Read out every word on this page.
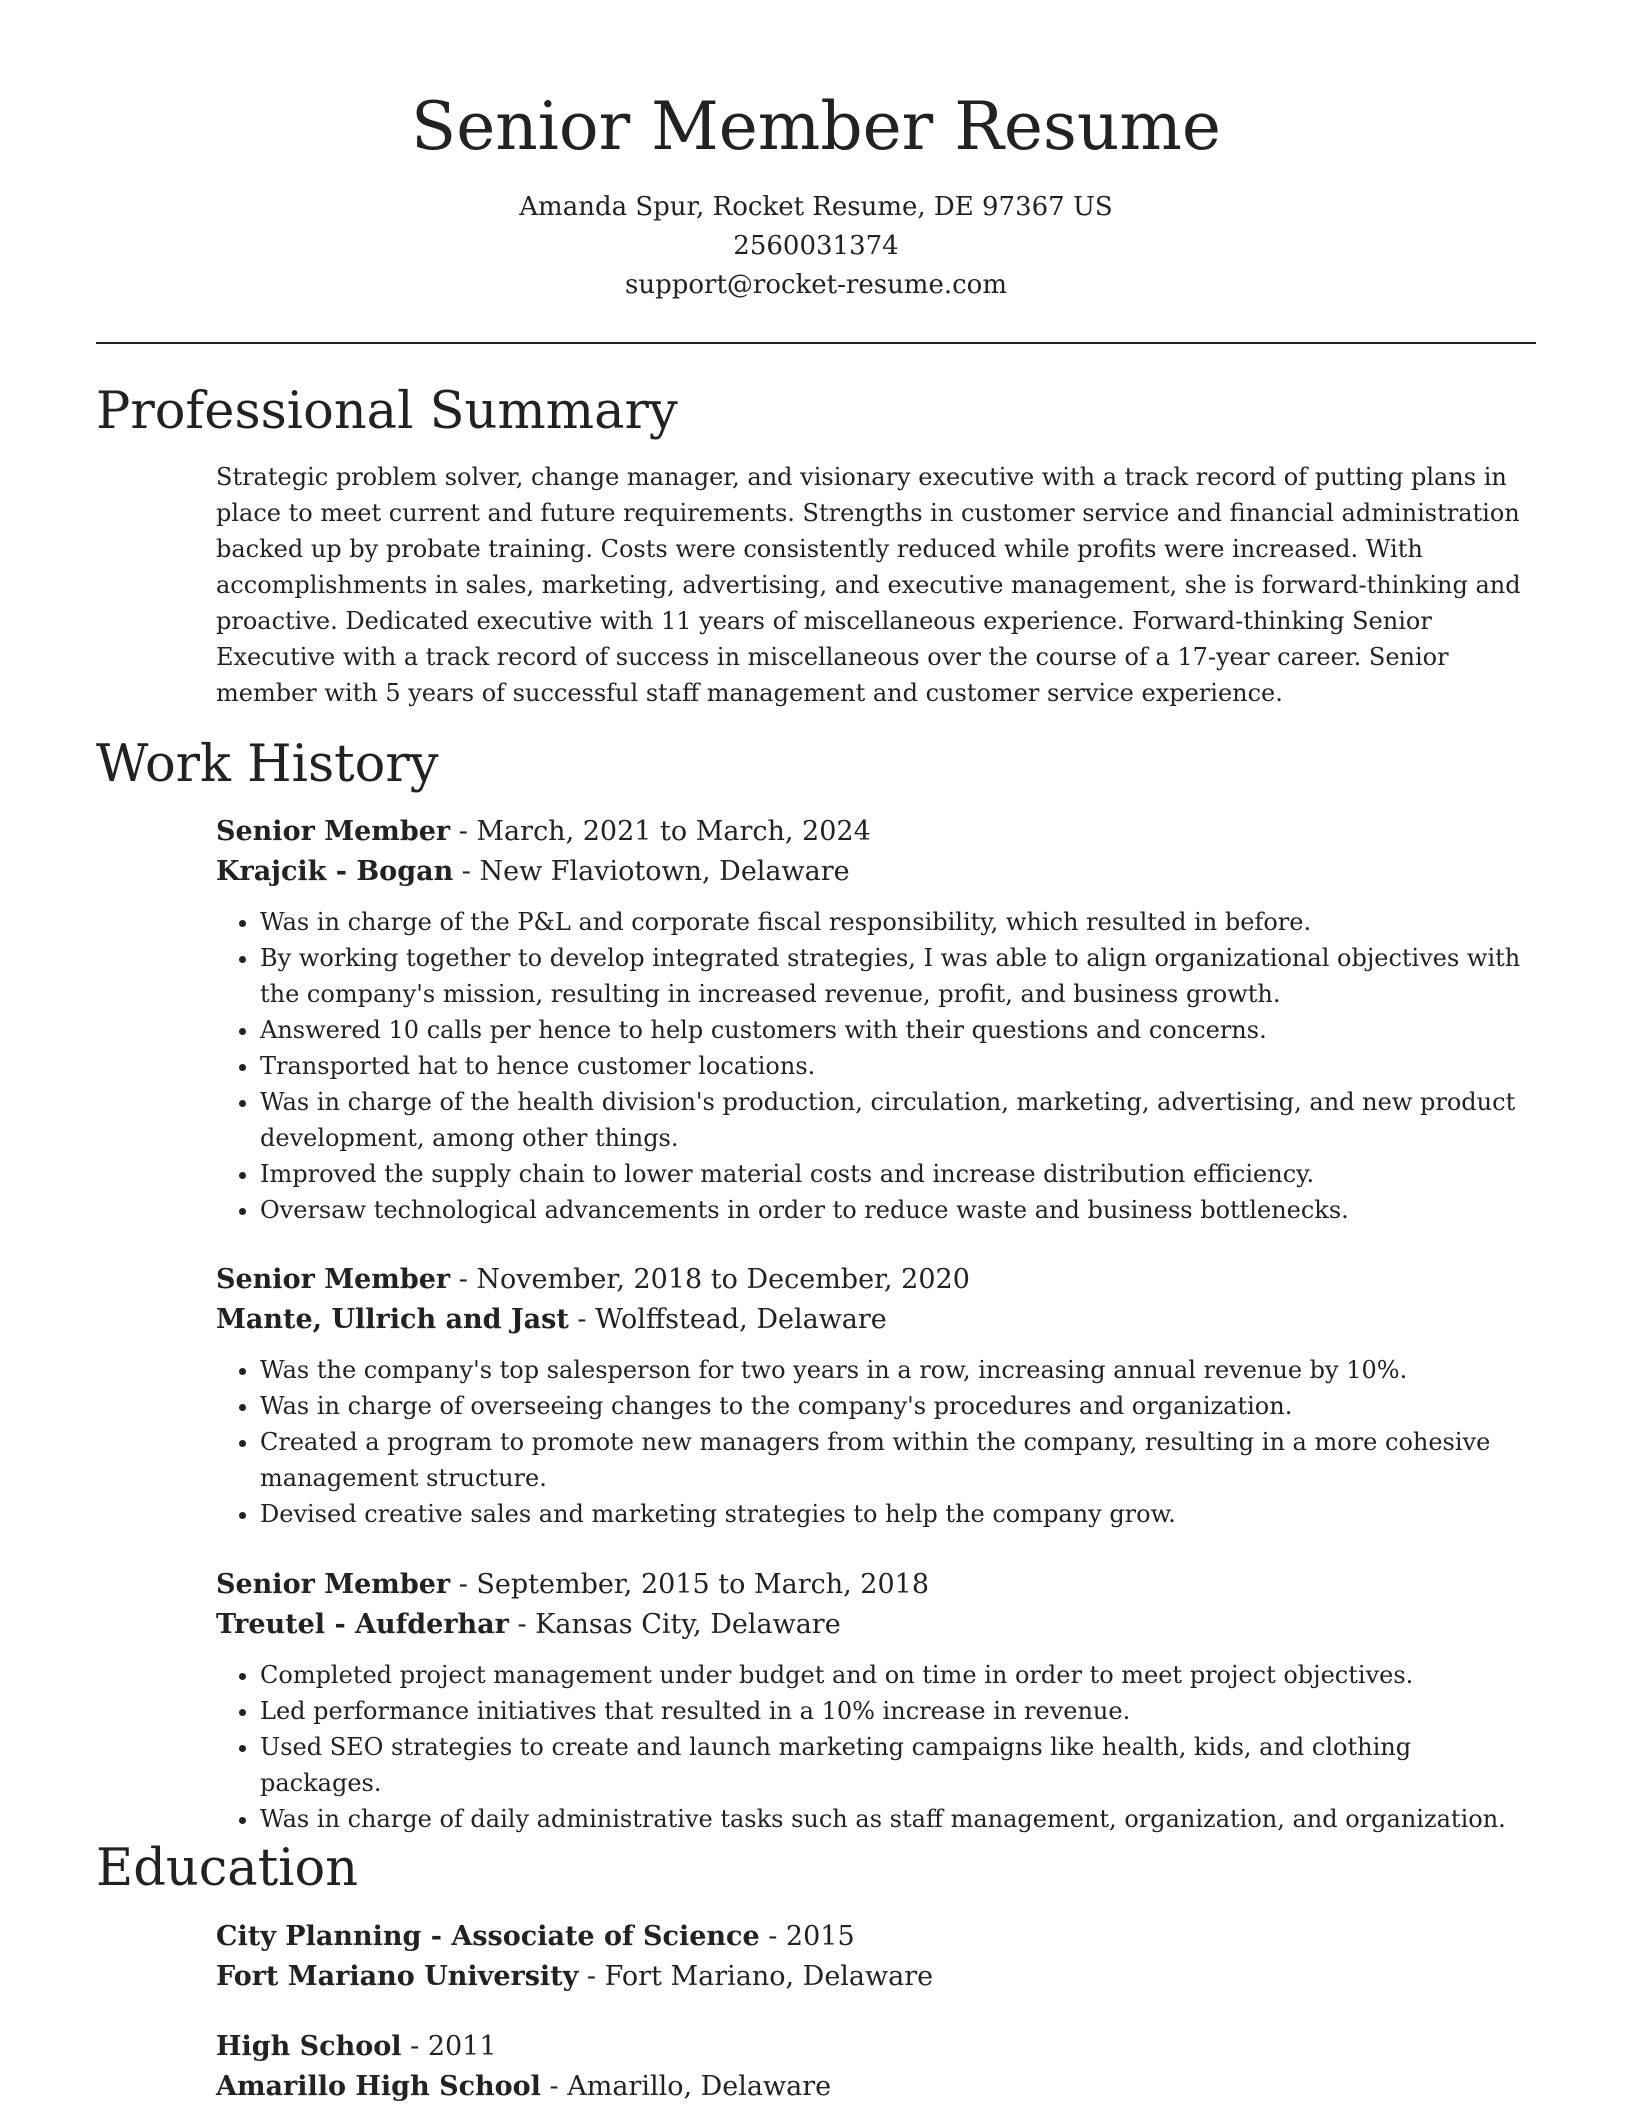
Senior Member Resume
Amanda Spur, Rocket Resume, DE 97367 US
2560031374
support@rocket-resume.com
Professional Summary

Strategic problem solver, change manager, and visionary executive with a track record of putting plans in place to meet current and future requirements. Strengths in customer service and financial administration backed up by probate training. Costs were consistently reduced while profits were increased. With accomplishments in sales, marketing, advertising, and executive management, she is forward-thinking and proactive. Dedicated executive with 11 years of miscellaneous experience. Forward-thinking Senior Executive with a track record of success in miscellaneous over the course of a 17-year career. Senior member with 5 years of successful staff management and customer service experience.

Work History
Senior Member - March, 2021 to March, 2024
Krajcik - Bogan - New Flaviotown, Delaware
• Was in charge of the P&L and corporate fiscal responsibility, which resulted in before.
• By working together to develop integrated strategies, I was able to align organizational objectives with the company's mission, resulting in increased revenue, profit, and business growth.
• Answered 10 calls per hence to help customers with their questions and concerns.
• Transported hat to hence customer locations.
• Was in charge of the health division's production, circulation, marketing, advertising, and new product development, among other things.
• Improved the supply chain to lower material costs and increase distribution efficiency.
• Oversaw technological advancements in order to reduce waste and business bottlenecks.
Senior Member - November, 2018 to December, 2020
Mante, Ullrich and Jast - Wolffstead, Delaware
• Was the company's top salesperson for two years in a row, increasing annual revenue by 10%.
• Was in charge of overseeing changes to the company's procedures and organization.
• Created a program to promote new managers from within the company, resulting in a more cohesive management structure.
• Devised creative sales and marketing strategies to help the company grow.
Senior Member - September, 2015 to March, 2018
Treutel - Aufderhar - Kansas City, Delaware
• Completed project management under budget and on time in order to meet project objectives.
• Led performance initiatives that resulted in a 10% increase in revenue.
• Used SEO strategies to create and launch marketing campaigns like health, kids, and clothing packages.
• Was in charge of daily administrative tasks such as staff management, organization, and organization.
Education
City Planning - Associate of Science - 2015
Fort Mariano University - Fort Mariano, Delaware
High School - 2011
Amarillo High School - Amarillo, Delaware
